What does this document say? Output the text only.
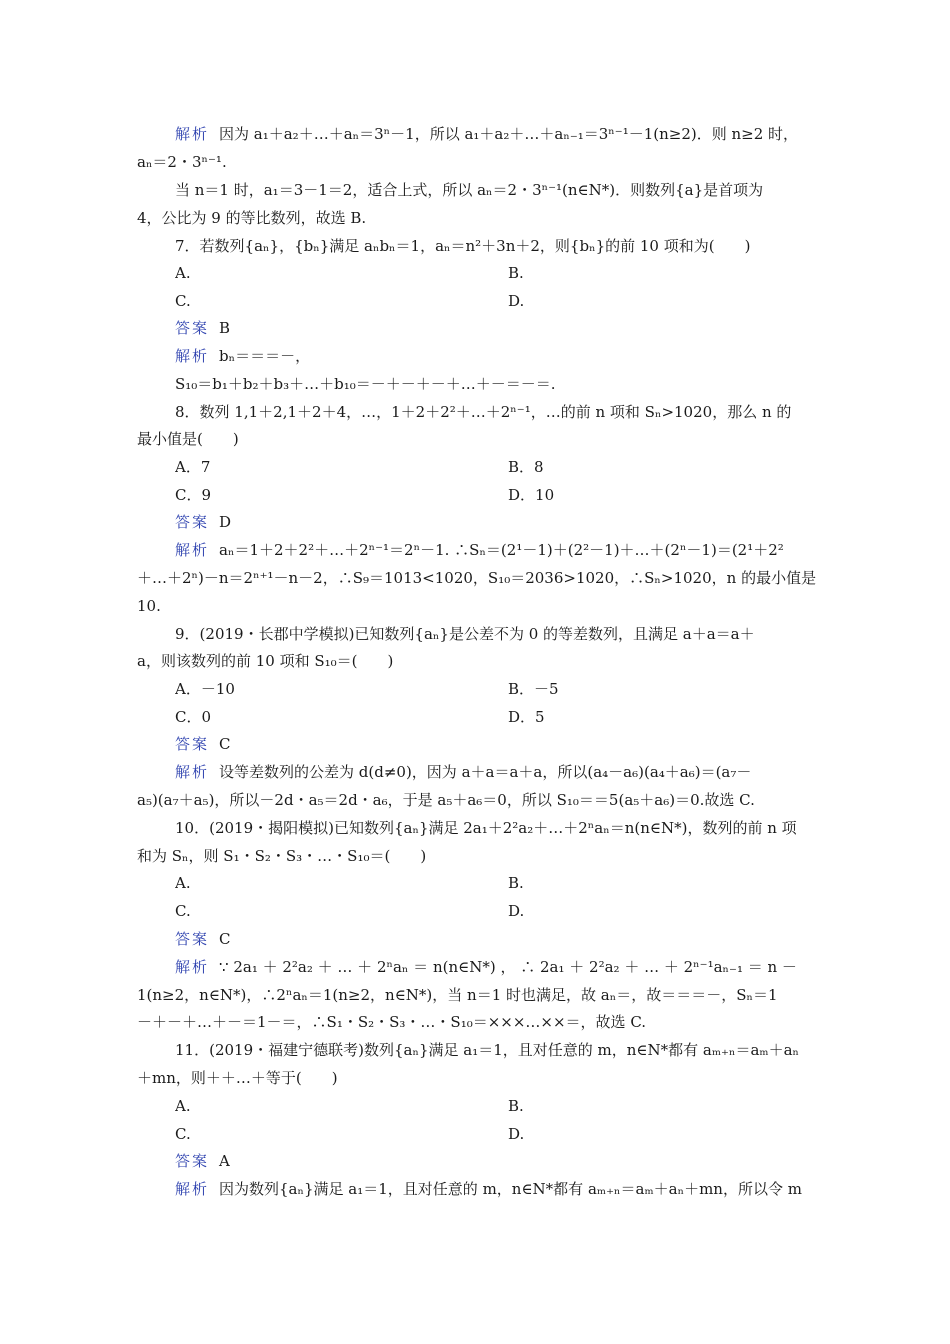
解析 因为 a₁＋a₂＋…＋aₙ＝3ⁿ－1，所以 a₁＋a₂＋…＋aₙ₋₁＝3ⁿ⁻¹－1(n≥2)．则 n≥2 时，
aₙ＝2・3ⁿ⁻¹.
当 n＝1 时，a₁＝3－1＝2，适合上式，所以 aₙ＝2・3ⁿ⁻¹(n∈N*)．则数列{a}是首项为
4，公比为 9 的等比数列，故选 B.
7．若数列{aₙ}，{bₙ}满足 aₙbₙ＝1，aₙ＝n²＋3n＋2，则{bₙ}的前 10 项和为(　　)
A.	B.
C.	D.
答案 B
解析 bₙ＝＝＝－，
S₁₀＝b₁＋b₂＋b₃＋…＋b₁₀＝－＋－＋－＋…＋－＝－＝.
8．数列 1,1＋2,1＋2＋4，…，1＋2＋2²＋…＋2ⁿ⁻¹，…的前 n 项和 Sₙ>1020，那么 n 的
最小值是(　　)
A．7	B．8
C．9	D．10
答案 D
解析 aₙ＝1＋2＋2²＋…＋2ⁿ⁻¹＝2ⁿ－1. ∴Sₙ＝(2¹－1)＋(2²－1)＋…＋(2ⁿ－1)＝(2¹＋2²
＋…＋2ⁿ)－n＝2ⁿ⁺¹－n－2，∴S₉＝1013<1020，S₁₀＝2036>1020，∴Sₙ>1020，n 的最小值是
10.
9．(2019・长郡中学模拟)已知数列{aₙ}是公差不为 0 的等差数列，且满足 a＋a＝a＋
a，则该数列的前 10 项和 S₁₀＝(　　)
A．－10	B．－5
C．0	D．5
答案 C
解析 设等差数列的公差为 d(d≠0)，因为 a＋a＝a＋a，所以(a₄－a₆)(a₄＋a₆)＝(a₇－
a₅)(a₇＋a₅)，所以－2d・a₅＝2d・a₆，于是 a₅＋a₆＝0，所以 S₁₀＝＝5(a₅＋a₆)＝0.故选 C.
10．(2019・揭阳模拟)已知数列{aₙ}满足 2a₁＋2²a₂＋…＋2ⁿaₙ＝n(n∈N*)，数列的前 n 项
和为 Sₙ，则 S₁・S₂・S₃・…・S₁₀＝(　　)
A.	B.
C.	D.
答案 C
解析 ∵ 2a₁ ＋ 2²a₂ ＋ … ＋ 2ⁿaₙ ＝ n(n∈N*) ， ∴ 2a₁ ＋ 2²a₂ ＋ … ＋ 2ⁿ⁻¹aₙ₋₁ ＝ n －
1(n≥2，n∈N*)，∴2ⁿaₙ＝1(n≥2，n∈N*)，当 n＝1 时也满足，故 aₙ＝，故＝＝＝－，Sₙ＝1
－＋－＋…＋－＝1－＝，∴S₁・S₂・S₃・…・S₁₀＝×××…××＝，故选 C.
11．(2019・福建宁德联考)数列{aₙ}满足 a₁＝1，且对任意的 m，n∈N*都有 aₘ₊ₙ＝aₘ＋aₙ
＋mn，则＋＋…＋等于(　　)
A.	B.
C.	D.
答案 A
解析 因为数列{aₙ}满足 a₁＝1，且对任意的 m，n∈N*都有 aₘ₊ₙ＝aₘ＋aₙ＋mn，所以令 m
